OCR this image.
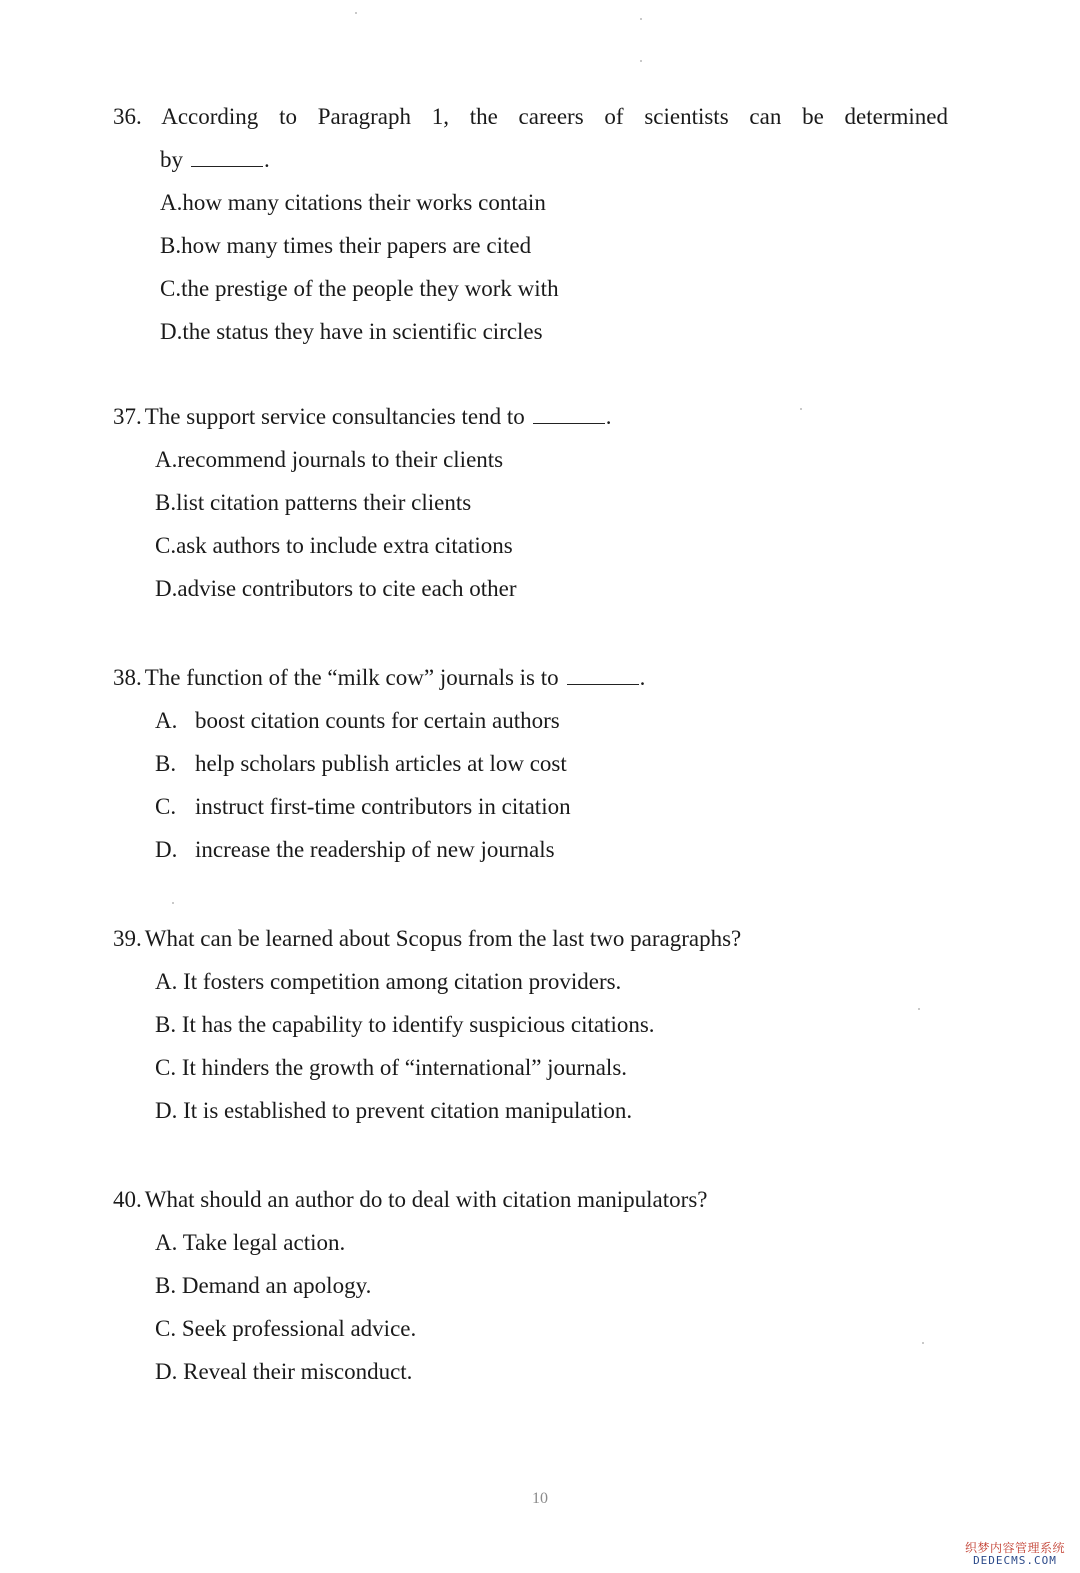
36. According to Paragraph 1, the careers of scientists can be determined
by	.
A.how many citations their works contain
B.how many times their papers are cited
C.the prestige of the people they work with
D.the status they have in scientific circles
37. The support service consultancies tend to	.
A.recommend journals to their clients
B.list citation patterns their clients
C.ask authors to include extra citations
D.advise contributors to cite each other
38. The function of the “milk cow” journals is to	.
A. boost citation counts for certain authors
B. help scholars publish articles at low cost
C. instruct first-time contributors in citation
D. increase the readership of new journals
39. What can be learned about Scopus from the last two paragraphs?
A. It fosters competition among citation providers.
B. It has the capability to identify suspicious citations.
C. It hinders the growth of “international” journals.
D. It is established to prevent citation manipulation.
40. What should an author do to deal with citation manipulators?
A. Take legal action.
B. Demand an apology.
C. Seek professional advice.
D. Reveal their misconduct.
10
织梦内容管理系统
DEDECMS.COM
